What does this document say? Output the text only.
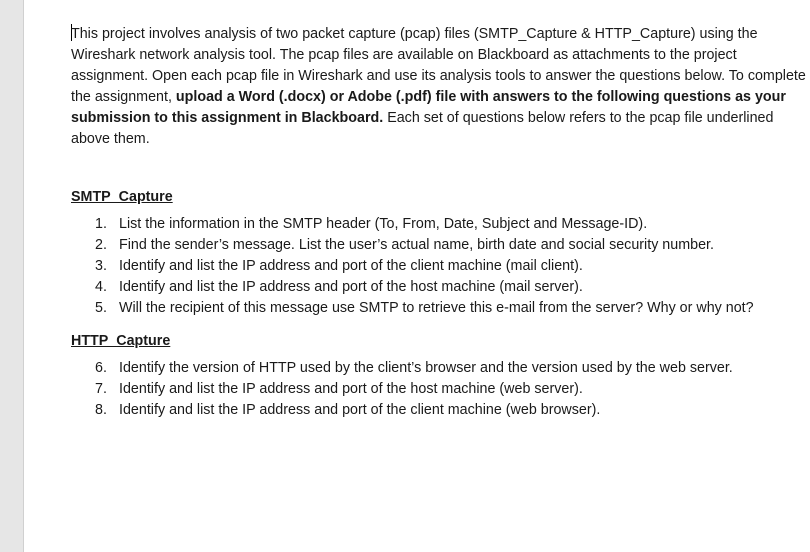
This project involves analysis of two packet capture (pcap) files (SMTP_Capture & HTTP_Capture) using the Wireshark network analysis tool. The pcap files are available on Blackboard as attachments to the project assignment. Open each pcap file in Wireshark and use its analysis tools to answer the questions below. To complete the assignment, upload a Word (.docx) or Adobe (.pdf) file with answers to the following questions as your submission to this assignment in Blackboard. Each set of questions below refers to the pcap file underlined above them.

SMTP_Capture

1. List the information in the SMTP header (To, From, Date, Subject and Message-ID).
2. Find the sender’s message. List the user’s actual name, birth date and social security number.
3. Identify and list the IP address and port of the client machine (mail client).
4. Identify and list the IP address and port of the host machine (mail server).
5. Will the recipient of this message use SMTP to retrieve this e-mail from the server? Why or why not?

HTTP_Capture

6. Identify the version of HTTP used by the client’s browser and the version used by the web server.
7. Identify and list the IP address and port of the host machine (web server).
8. Identify and list the IP address and port of the client machine (web browser).
